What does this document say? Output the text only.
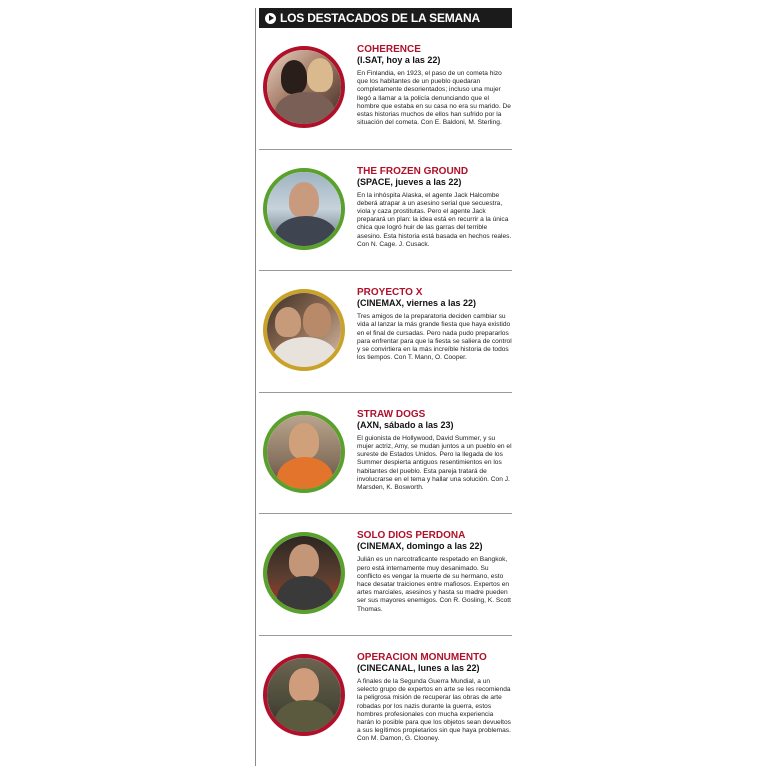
LOS DESTACADOS DE LA SEMANA
COHERENCE
(I.SAT, hoy a las 22)

En Finlandia, en 1923, el paso de un cometa hizo que los habitantes de un pueblo quedaran completamente desorientados; incluso una mujer llegó a llamar a la policía denunciando que el hombre que estaba en su casa no era su marido. De estas historias muchos de ellos han sufrido por la situación del cometa. Con E. Baldoni, M. Sterling.

THE FROZEN GROUND
(SPACE, jueves a las 22)

En la inhóspita Alaska, el agente Jack Halcombe deberá atrapar a un asesino serial que secuestra, viola y caza prostitutas. Pero el agente Jack preparará un plan: la idea está en recurrir a la única chica que logró huir de las garras del terrible asesino. Esta historia está basada en hechos reales. Con N. Cage. J. Cusack.

PROYECTO X
(CINEMAX, viernes a las 22)

Tres amigos de la preparatoria deciden cambiar su vida al lanzar la más grande fiesta que haya existido en el final de cursadas. Pero nada pudo prepararlos para enfrentar para que la fiesta se saliera de control y se convirtiera en la más increíble historia de todos los tiempos. Con T. Mann, O. Cooper.

STRAW DOGS
(AXN, sábado a las 23)

El guionista de Hollywood, David Summer, y su mujer actriz, Amy, se mudan juntos a un pueblo en el sureste de Estados Unidos. Pero la llegada de los Summer despierta antiguos resentimientos en los habitantes del pueblo. Esta pareja tratará de involucrarse en el tema y hallar una solución. Con J. Marsden, K. Bosworth.

SOLO DIOS PERDONA
(CINEMAX, domingo a las 22)

Julián es un narcotraficante respetado en Bangkok, pero está internamente muy desanimado. Su conflicto es vengar la muerte de su hermano, esto hace desatar traiciones entre mafiosos. Expertos en artes marciales, asesinos y hasta su madre pueden ser sus mayores enemigos. Con R. Gosling, K. Scott Thomas.

OPERACION MONUMENTO
(CINECANAL, lunes a las 22)

A finales de la Segunda Guerra Mundial, a un selecto grupo de expertos en arte se les recomienda la peligrosa misión de recuperar las obras de arte robadas por los nazis durante la guerra, estos hombres profesionales con mucha experiencia harán lo posible para que los objetos sean devueltos a sus legítimos propietarios sin que haya problemas. Con M. Damon, G. Clooney.
